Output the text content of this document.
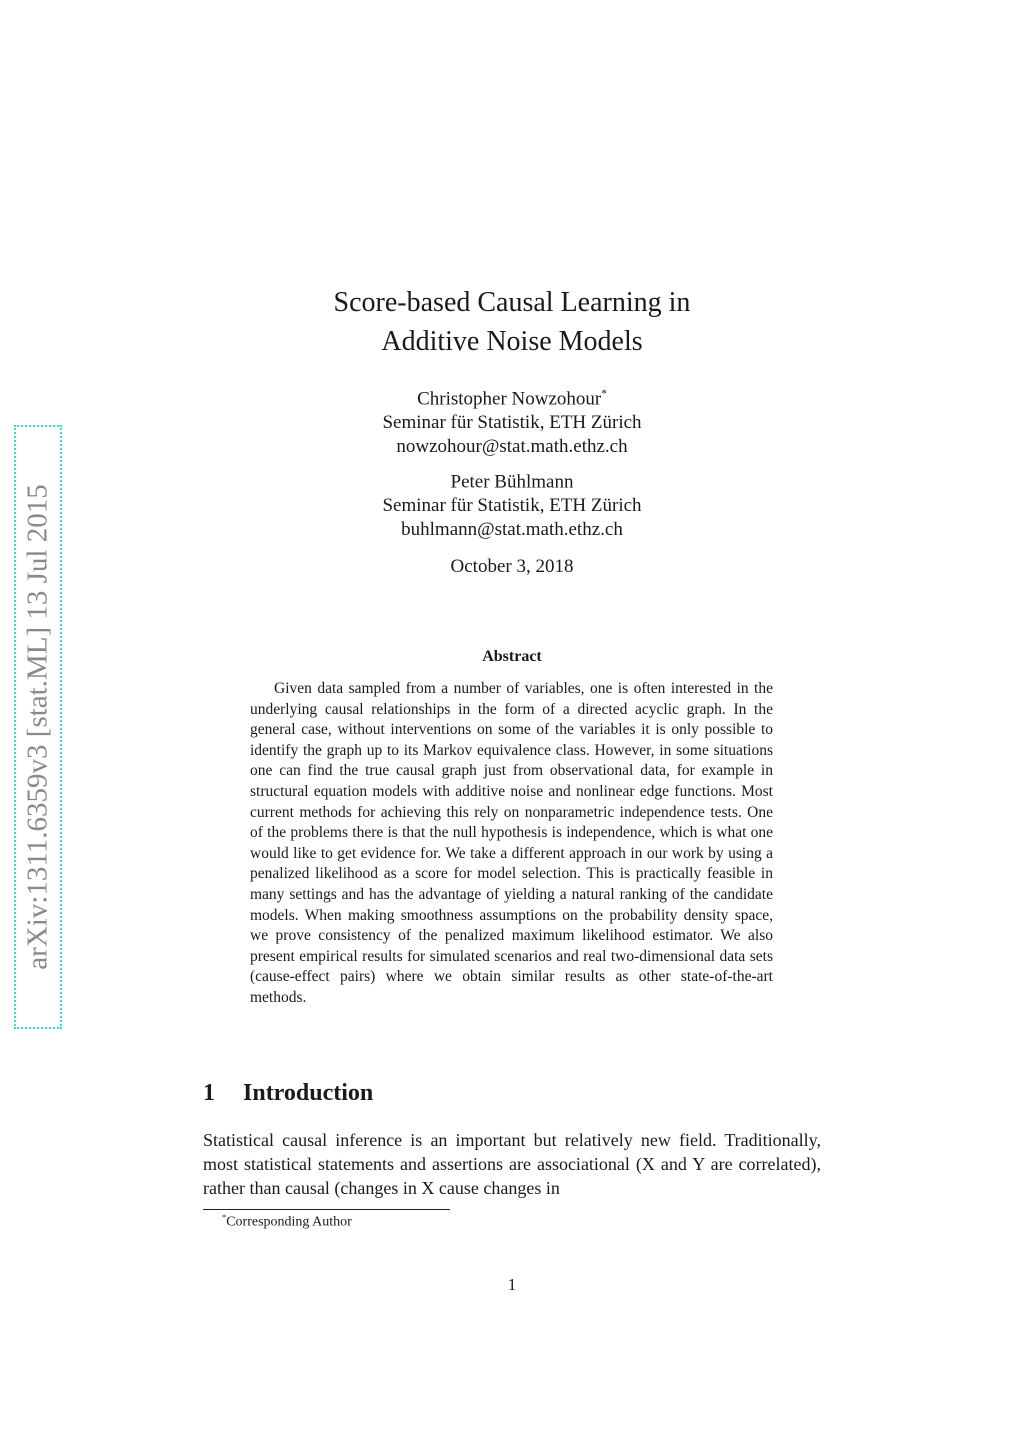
arXiv:1311.6359v3 [stat.ML] 13 Jul 2015
Score-based Causal Learning in
Additive Noise Models
Christopher Nowzohour*
Seminar für Statistik, ETH Zürich
nowzohour@stat.math.ethz.ch
Peter Bühlmann
Seminar für Statistik, ETH Zürich
buhlmann@stat.math.ethz.ch
October 3, 2018
Abstract

Given data sampled from a number of variables, one is often interested in the underlying causal relationships in the form of a directed acyclic graph. In the general case, without interventions on some of the variables it is only possible to identify the graph up to its Markov equivalence class. However, in some situations one can find the true causal graph just from observational data, for example in structural equation models with additive noise and nonlinear edge functions. Most current methods for achieving this rely on nonparametric independence tests. One of the problems there is that the null hypothesis is independence, which is what one would like to get evidence for. We take a different approach in our work by using a penalized likelihood as a score for model selection. This is practically feasible in many settings and has the advantage of yielding a natural ranking of the candidate models. When making smoothness assumptions on the probability density space, we prove consistency of the penalized maximum likelihood estimator. We also present empirical results for simulated scenarios and real two-dimensional data sets (cause-effect pairs) where we obtain similar results as other state-of-the-art methods.

1 Introduction

Statistical causal inference is an important but relatively new field. Traditionally, most statistical statements and assertions are associational (X and Y are correlated), rather than causal (changes in X cause changes in

*Corresponding Author
1
